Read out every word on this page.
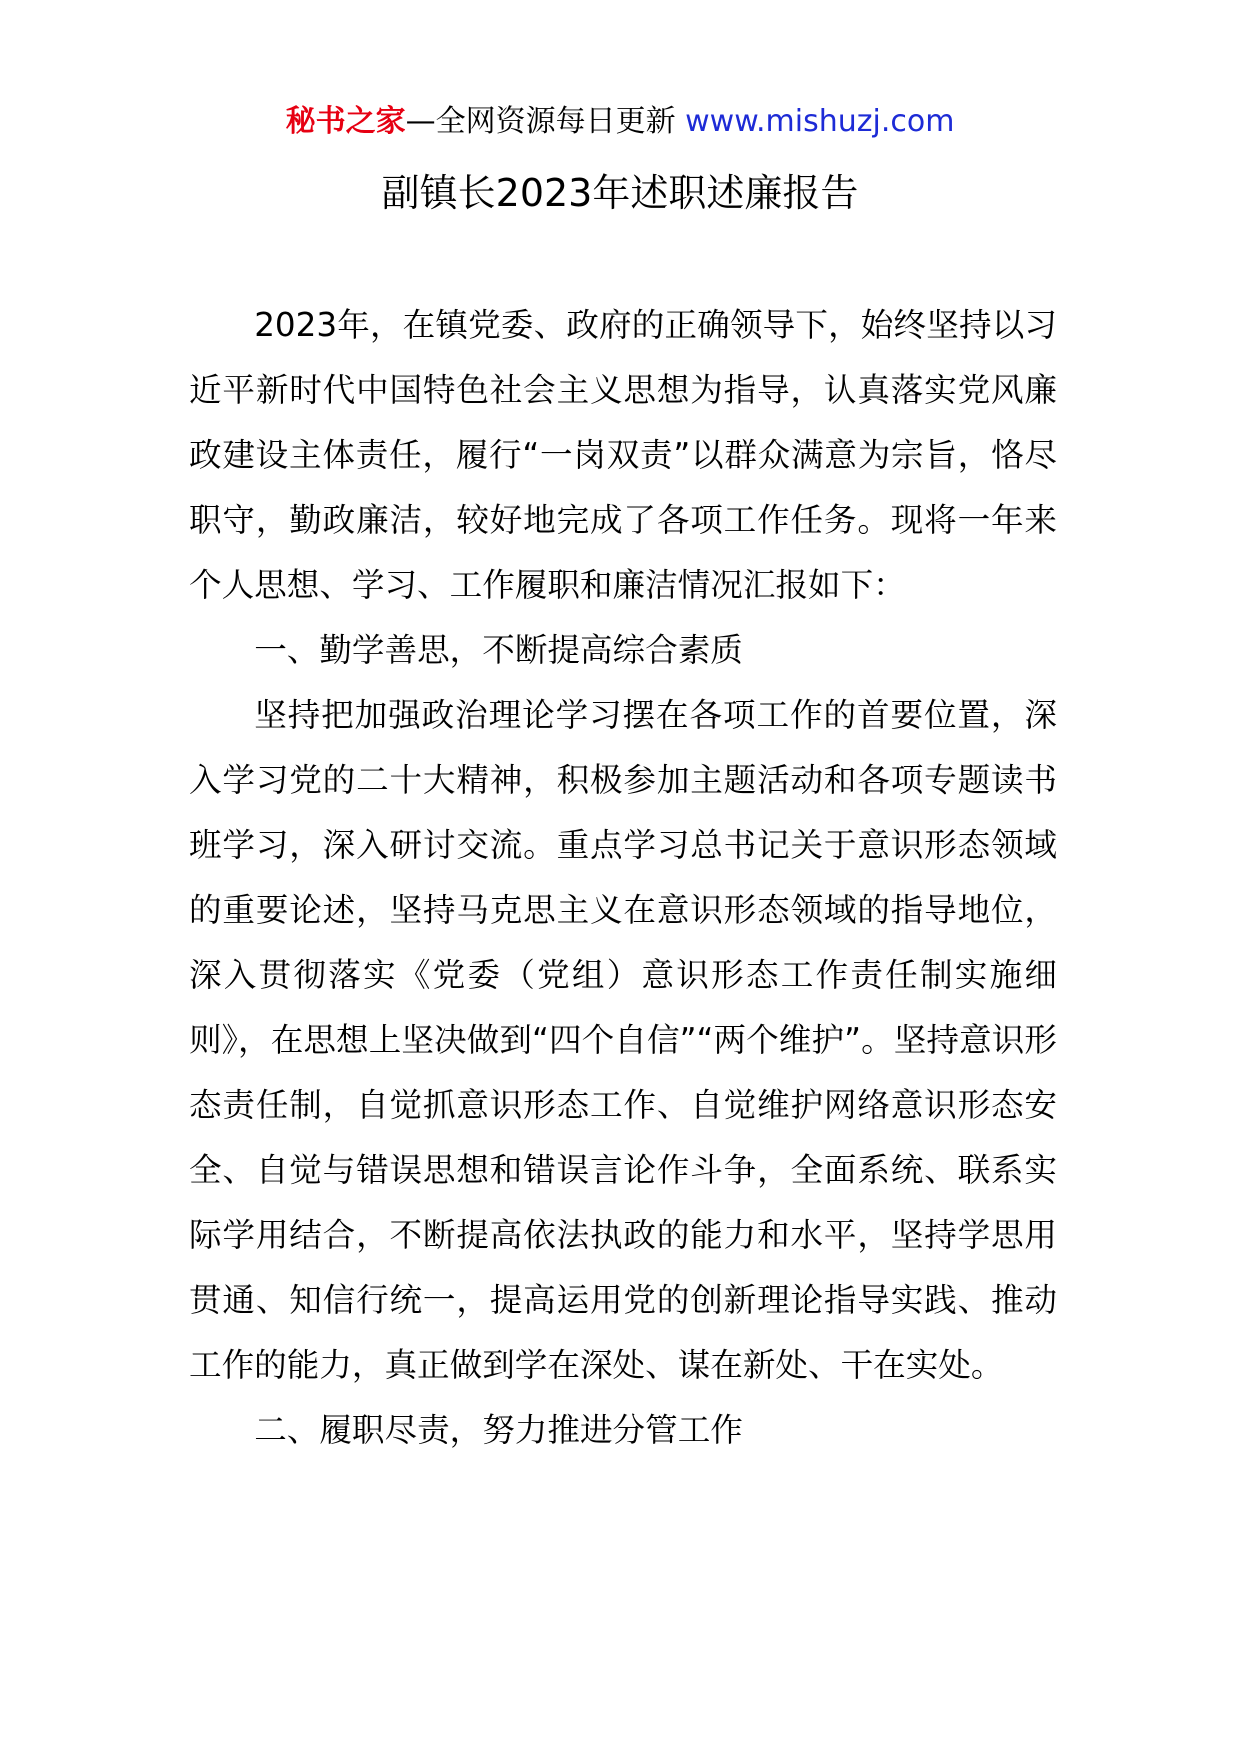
秘书之家—全网资源每日更新 www.mishuzj.com
副镇长2023年述职述廉报告

2023年，在镇党委、政府的正确领导下，始终坚持以习近平新时代中国特色社会主义思想为指导，认真落实党风廉政建设主体责任，履行“一岗双责”以群众满意为宗旨，恪尽职守，勤政廉洁，较好地完成了各项工作任务。现将一年来个人思想、学习、工作履职和廉洁情况汇报如下：

一、勤学善思，不断提高综合素质

坚持把加强政治理论学习摆在各项工作的首要位置，深入学习党的二十大精神，积极参加主题活动和各项专题读书班学习，深入研讨交流。重点学习总书记关于意识形态领域的重要论述，坚持马克思主义在意识形态领域的指导地位，深入贯彻落实《党委（党组）意识形态工作责任制实施细则》，在思想上坚决做到“四个自信”“两个维护”。坚持意识形态责任制，自觉抓意识形态工作、自觉维护网络意识形态安全、自觉与错误思想和错误言论作斗争，全面系统、联系实际学用结合，不断提高依法执政的能力和水平，坚持学思用贯通、知信行统一，提高运用党的创新理论指导实践、推动工作的能力，真正做到学在深处、谋在新处、干在实处。

二、履职尽责，努力推进分管工作
